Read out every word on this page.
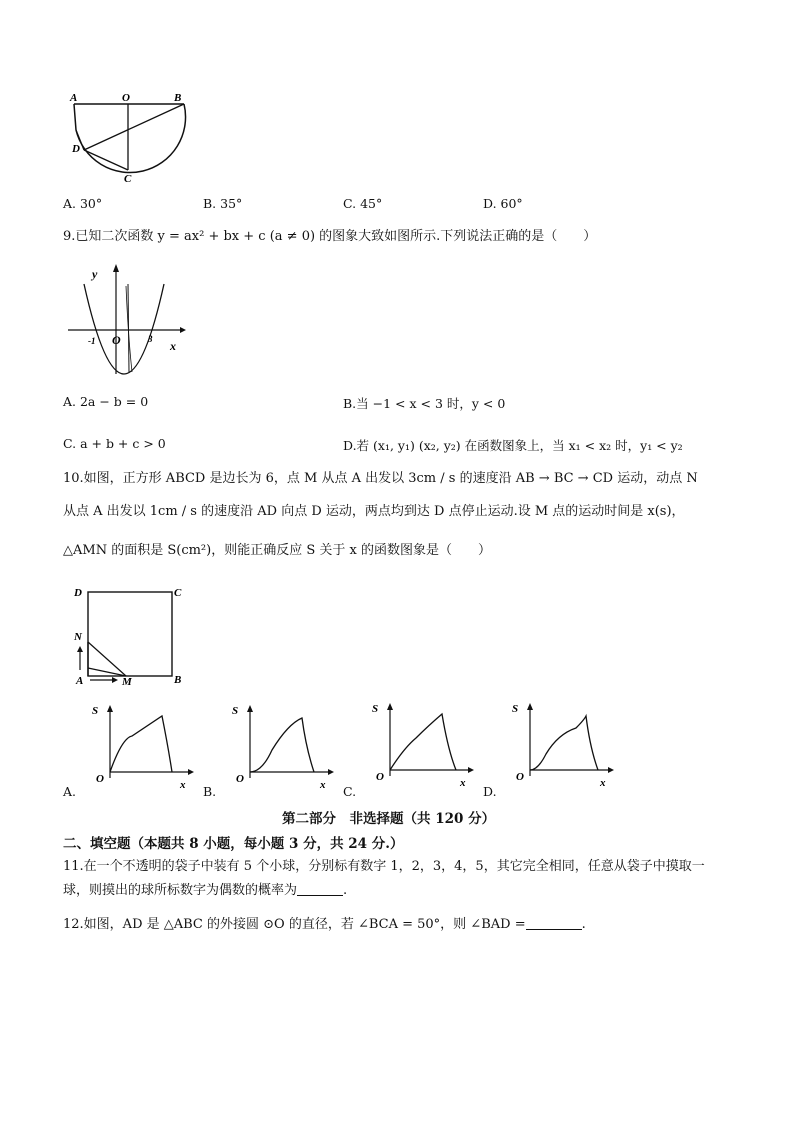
A	O	B
D
C
A. 30°	B. 35°	C. 45°	D. 60°
9.已知二次函数 y = ax² + bx + c (a ≠ 0) 的图象大致如图所示.下列说法正确的是（　　）
y
-1 O	3 x
A. 2a − b = 0	B.当 −1 < x < 3 时，y < 0
C. a + b + c > 0	D.若 (x₁, y₁) (x₂, y₂) 在函数图象上，当 x₁ < x₂ 时，y₁ < y₂
10.如图，正方形 ABCD 是边长为 6，点 M 从点 A 出发以 3cm / s 的速度沿 AB → BC → CD 运动，动点 N
从点 A 出发以 1cm / s 的速度沿 AD 向点 D 运动，两点均到达 D 点停止运动.设 M 点的运动时间是 x(s)，
△AMN 的面积是 S(cm²)，则能正确反应 S 关于 x 的函数图象是（　　）
D	C
N
A	M	B
S
O	x
A.
S
O	x
B.
S
O	x
C.
S
O	x
D.
第二部分　非选择题（共 120 分）
二、填空题（本题共 8 小题，每小题 3 分，共 24 分.）
11.在一个不透明的袋子中装有 5 个小球，分别标有数字 1，2，3，4，5，其它完全相同，任意从袋子中摸取一
球，则摸出的球所标数字为偶数的概率为	.
12.如图，AD 是 △ABC 的外接圆 ⊙O 的直径，若 ∠BCA = 50°，则 ∠BAD =	.
